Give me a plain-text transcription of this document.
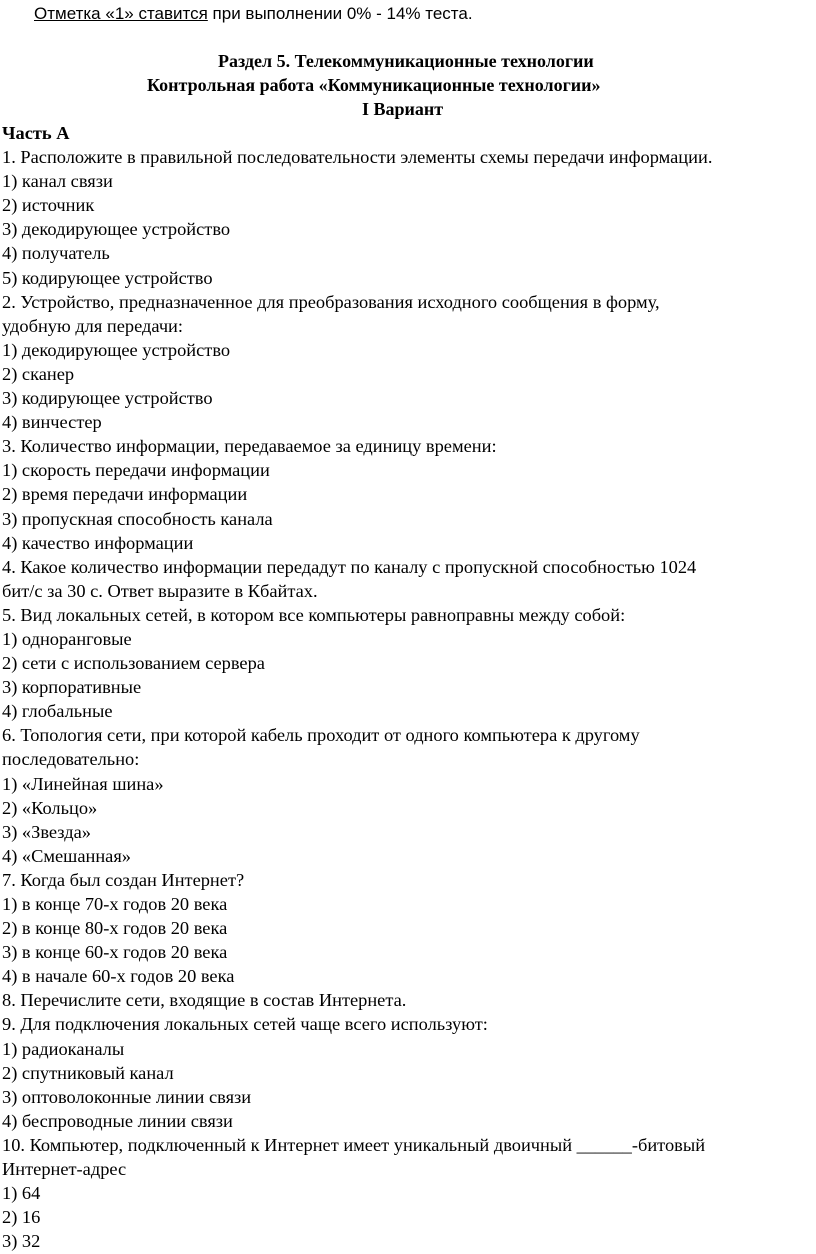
Отметка «1» ставится при выполнении 0% - 14% теста.
Раздел 5. Телекоммуникационные технологии
Контрольная работа «Коммуникационные технологии»
I Вариант
Часть А
1. Расположите в правильной последовательности элементы схемы передачи информации.
1) канал связи
2) источник
3) декодирующее устройство
4) получатель
5) кодирующее устройство
2. Устройство, предназначенное для преобразования исходного сообщения в форму,
удобную для передачи:
1) декодирующее устройство
2) сканер
3) кодирующее устройство
4) винчестер
3. Количество информации, передаваемое за единицу времени:
1) скорость передачи информации
2) время передачи информации
3) пропускная способность канала
4) качество информации
4. Какое количество информации передадут по каналу с пропускной способностью 1024
бит/с за 30 с. Ответ выразите в Кбайтах.
5. Вид локальных сетей, в котором все компьютеры равноправны между собой:
1) одноранговые
2) сети с использованием сервера
3) корпоративные
4) глобальные
6. Топология сети, при которой кабель проходит от одного компьютера к другому
последовательно:
1) «Линейная шина»
2) «Кольцо»
3) «Звезда»
4) «Смешанная»
7. Когда был создан Интернет?
1) в конце 70-х годов 20 века
2) в конце 80-х годов 20 века
3) в конце 60-х годов 20 века
4) в начале 60-х годов 20 века
8. Перечислите сети, входящие в состав Интернета.
9. Для подключения локальных сетей чаще всего используют:
1) радиоканалы
2) спутниковый канал
3) оптоволоконные линии связи
4) беспроводные линии связи
10. Компьютер, подключенный к Интернет имеет уникальный двоичный ______-битовый
Интернет-адрес
1) 64
2) 16
3) 32
